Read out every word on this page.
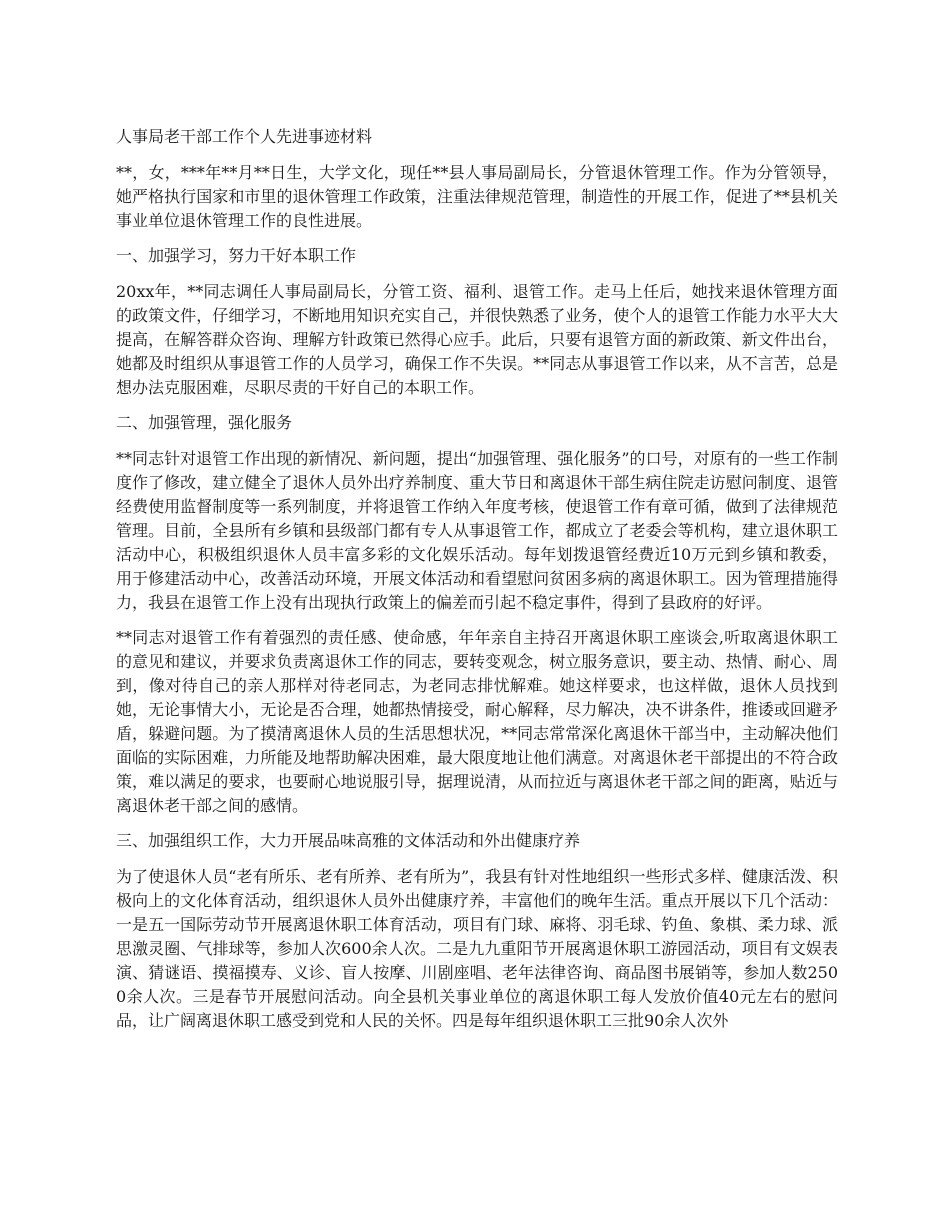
人事局老干部工作个人先进事迹材料

**，女，***年**月**日生，大学文化，现任**县人事局副局长，分管退休管理工作。作为分管领导，她严格执行国家和市里的退休管理工作政策，注重法律规范管理，制造性的开展工作，促进了**县机关事业单位退休管理工作的良性进展。

一、加强学习，努力干好本职工作

20xx年，**同志调任人事局副局长，分管工资、福利、退管工作。走马上任后，她找来退休管理方面的政策文件，仔细学习，不断地用知识充实自己，并很快熟悉了业务，使个人的退管工作能力水平大大提高，在解答群众咨询、理解方针政策已然得心应手。此后，只要有退管方面的新政策、新文件出台，她都及时组织从事退管工作的人员学习，确保工作不失误。**同志从事退管工作以来，从不言苦，总是想办法克服困难，尽职尽责的干好自己的本职工作。

二、加强管理，强化服务

**同志针对退管工作出现的新情况、新问题，提出“加强管理、强化服务”的口号，对原有的一些工作制度作了修改，建立健全了退休人员外出疗养制度、重大节日和离退休干部生病住院走访慰问制度、退管经费使用监督制度等一系列制度，并将退管工作纳入年度考核，使退管工作有章可循，做到了法律规范管理。目前，全县所有乡镇和县级部门都有专人从事退管工作，都成立了老委会等机构，建立退休职工活动中心，积极组织退休人员丰富多彩的文化娱乐活动。每年划拨退管经费近10万元到乡镇和教委，用于修建活动中心，改善活动环境，开展文体活动和看望慰问贫困多病的离退休职工。因为管理措施得力，我县在退管工作上没有出现执行政策上的偏差而引起不稳定事件，得到了县政府的好评。

**同志对退管工作有着强烈的责任感、使命感，年年亲自主持召开离退休职工座谈会,听取离退休职工的意见和建议，并要求负责离退休工作的同志，要转变观念，树立服务意识，要主动、热情、耐心、周到，像对待自己的亲人那样对待老同志，为老同志排忧解难。她这样要求，也这样做，退休人员找到她，无论事情大小，无论是否合理，她都热情接受，耐心解释，尽力解决，决不讲条件，推诿或回避矛盾，躲避问题。为了摸清离退休人员的生活思想状况，**同志常常深化离退休干部当中，主动解决他们面临的实际困难，力所能及地帮助解决困难，最大限度地让他们满意。对离退休老干部提出的不符合政策，难以满足的要求，也要耐心地说服引导，据理说清，从而拉近与离退休老干部之间的距离，贴近与离退休老干部之间的感情。

三、加强组织工作，大力开展品味高雅的文体活动和外出健康疗养

为了使退休人员“老有所乐、老有所养、老有所为”，我县有针对性地组织一些形式多样、健康活泼、积极向上的文化体育活动，组织退休人员外出健康疗养，丰富他们的晚年生活。重点开展以下几个活动：一是五一国际劳动节开展离退休职工体育活动，项目有门球、麻将、羽毛球、钓鱼、象棋、柔力球、派思激灵圈、气排球等，参加人次600余人次。二是九九重阳节开展离退休职工游园活动，项目有文娱表演、猜谜语、摸福摸寿、义诊、盲人按摩、川剧座唱、老年法律咨询、商品图书展销等，参加人数2500余人次。三是春节开展慰问活动。向全县机关事业单位的离退休职工每人发放价值40元左右的慰问品，让广阔离退休职工感受到党和人民的关怀。四是每年组织退休职工三批90余人次外
